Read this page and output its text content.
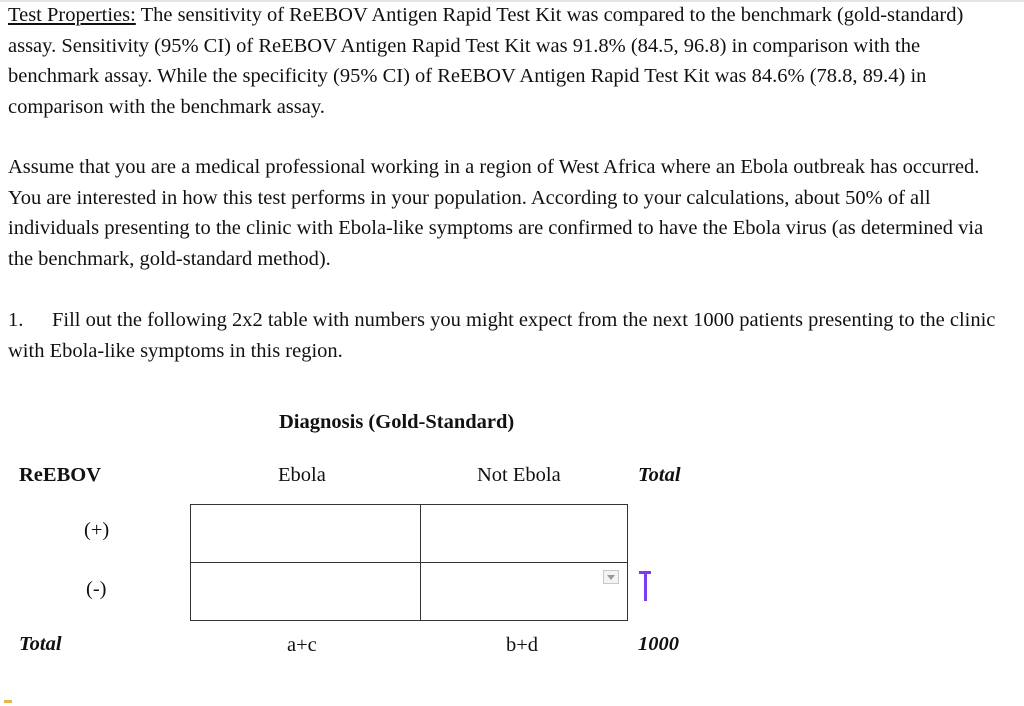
Test Properties: The sensitivity of ReEBOV Antigen Rapid Test Kit was compared to the benchmark (gold-standard) assay. Sensitivity (95% CI) of ReEBOV Antigen Rapid Test Kit was 91.8% (84.5, 96.8) in comparison with the benchmark assay. While the specificity (95% CI) of ReEBOV Antigen Rapid Test Kit was 84.6% (78.8, 89.4) in comparison with the benchmark assay.

Assume that you are a medical professional working in a region of West Africa where an Ebola outbreak has occurred. You are interested in how this test performs in your population. According to your calculations, about 50% of all individuals presenting to the clinic with Ebola-like symptoms are confirmed to have the Ebola virus (as determined via the benchmark, gold-standard method).

1. Fill out the following 2x2 table with numbers you might expect from the next 1000 patients presenting to the clinic with Ebola-like symptoms in this region.

Diagnosis (Gold-Standard)
ReEBOV	Ebola	Not Ebola	Total
(+)
(-)
Total	a+c	b+d	1000
